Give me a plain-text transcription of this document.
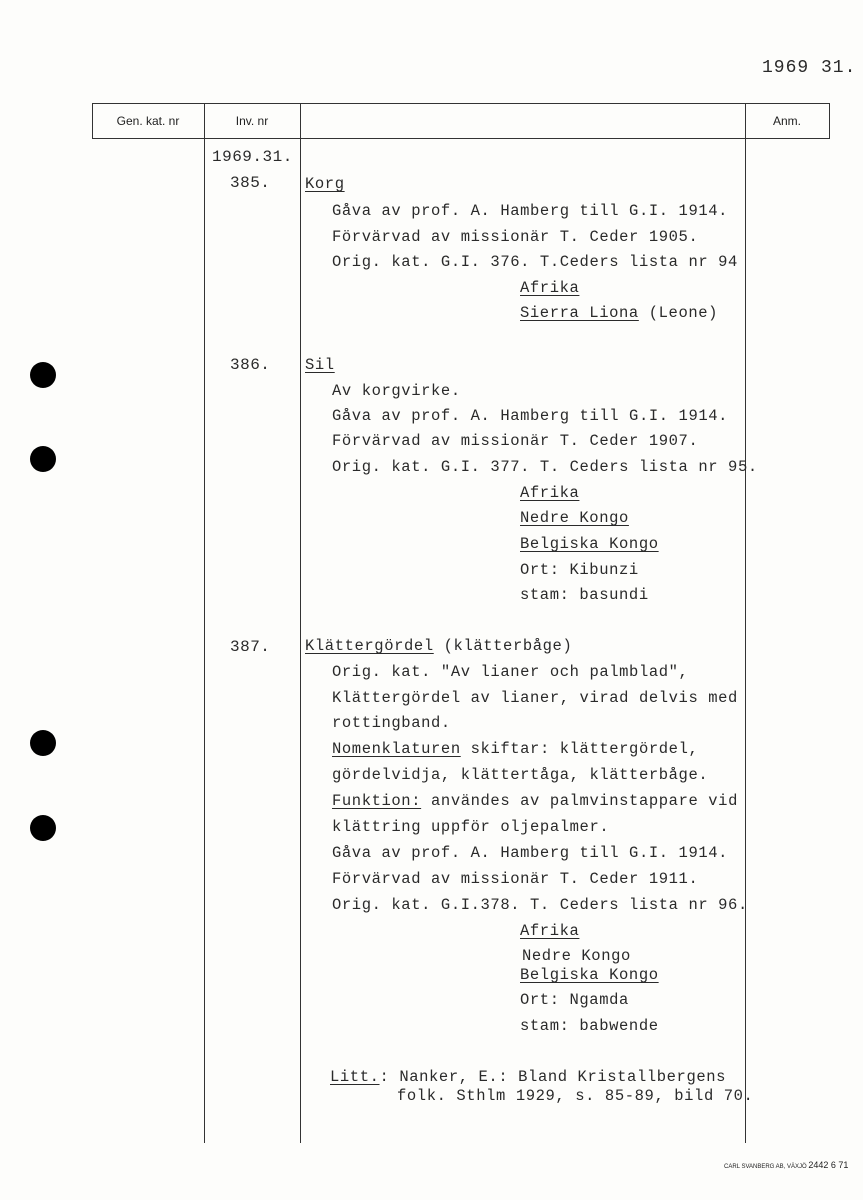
1969 31.
Gen. kat. nr	Inv. nr	Anm.
1969.31.
385. Korg
Gåva av prof. A. Hamberg till G.I. 1914.
Förvärvad av missionär T. Ceder 1905.
Orig. kat. G.I. 376. T.Ceders lista nr 94
Afrika
Sierra Liona (Leone)
386. Sil
Av korgvirke.
Gåva av prof. A. Hamberg till G.I. 1914.
Förvärvad av missionär T. Ceder 1907.
Orig. kat. G.I. 377. T. Ceders lista nr 95.
Afrika
Nedre Kongo
Belgiska Kongo
Ort: Kibunzi
stam: basundi
387. Klättergördel (klätterbåge)
Orig. kat. "Av lianer och palmblad",
Klättergördel av lianer, virad delvis med
rottingband.
Nomenklaturen skiftar: klättergördel,
gördelvidja, klättertåga, klätterbåge.
Funktion: användes av palmvinstappare vid
klättring uppför oljepalmer.
Gåva av prof. A. Hamberg till G.I. 1914.
Förvärvad av missionär T. Ceder 1911.
Orig. kat. G.I.378. T. Ceders lista nr 96.
Afrika
Nedre Kongo
Belgiska Kongo
Ort: Ngamda
stam: babwende
Litt.: Nanker, E.: Bland Kristallbergens
folk. Sthlm 1929, s. 85-89, bild 70.
CARL SVANBERG AB, VÄXJÖ 2442 6 71
